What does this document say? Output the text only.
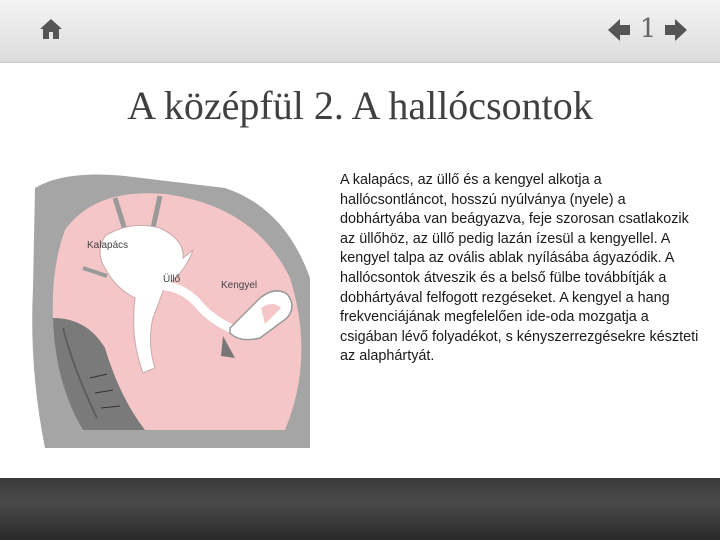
1
A középfül 2. A hallócsontok
Kalapács
Üllő
Kengyel

A kalapács, az üllő és a kengyel alkotja a hallócsontláncot, hosszú nyúlványa (nyele) a dobhártyába van beágyazva, feje szorosan csatlakozik az üllőhöz, az üllő pedig lazán ízesül a kengyellel. A kengyel talpa az ovális ablak nyílásába ágyazódik. A hallócsontok átveszik és a belső fülbe továbbítják a dobhártyával felfogott rezgéseket. A kengyel a hang frekvenciájának megfelelően ide-oda mozgatja a csigában lévő folyadékot, s kényszerrezgésekre készteti az alaphártyát.
